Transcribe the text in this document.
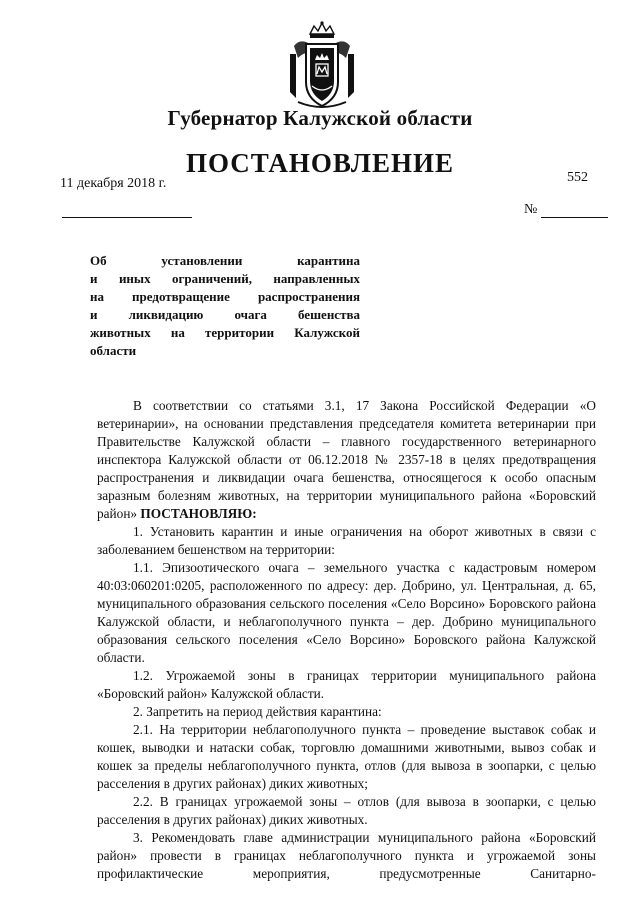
Губернатор Калужской области
ПОСТАНОВЛЕНИЕ
11 декабря 2018 г.	552
№
Об установлении карантина
и иных ограничений, направленных
на предотвращение распространения
и ликвидацию очага бешенства
животных на территории Калужской
области

В соответствии со статьями 3.1, 17 Закона Российской Федерации «О ветеринарии», на основании представления председателя комитета ветеринарии при Правительстве Калужской области – главного государственного ветеринарного инспектора Калужской области от 06.12.2018 № 2357-18 в целях предотвращения распространения и ликвидации очага бешенства, относящегося к особо опасным заразным болезням животных, на территории муниципального района «Боровский район» ПОСТАНОВЛЯЮ:

1. Установить карантин и иные ограничения на оборот животных в связи с заболеванием бешенством на территории:

1.1. Эпизоотического очага – земельного участка с кадастровым номером 40:03:060201:0205, расположенного по адресу: дер. Добрино, ул. Центральная, д. 65, муниципального образования сельского поселения «Село Ворсино» Боровского района Калужской области, и неблагополучного пункта – дер. Добрино муниципального образования сельского поселения «Село Ворсино» Боровского района Калужской области.

1.2. Угрожаемой зоны в границах территории муниципального района «Боровский район» Калужской области.

2. Запретить на период действия карантина:

2.1. На территории неблагополучного пункта – проведение выставок собак и кошек, выводки и натаски собак, торговлю домашними животными, вывоз собак и кошек за пределы неблагополучного пункта, отлов (для вывоза в зоопарки, с целью расселения в других районах) диких животных;

2.2. В границах угрожаемой зоны – отлов (для вывоза в зоопарки, с целью расселения в других районах) диких животных.

3. Рекомендовать главе администрации муниципального района «Боровский район» провести в границах неблагополучного пункта и угрожаемой зоны профилактические мероприятия, предусмотренные Санитарно-
